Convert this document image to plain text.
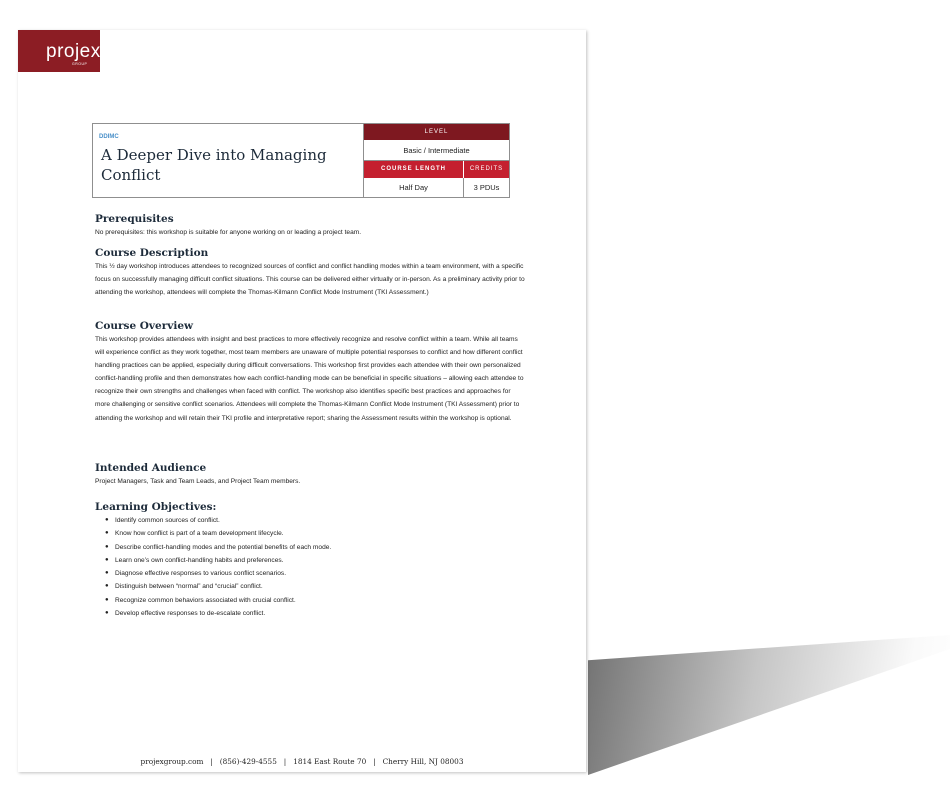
projex
GROUP
DDIMC
A Deeper Dive into Managing Conflict
LEVEL
Basic / Intermediate
COURSE LENGTH	CREDITS
Half Day	3 PDUs
Prerequisites

No prerequisites: this workshop is suitable for anyone working on or leading a project team.

Course Description

This ½ day workshop introduces attendees to recognized sources of conflict and conflict handling modes within a team environment, with a specific focus on successfully managing difficult conflict situations. This course can be delivered either virtually or in-person. As a preliminary activity prior to attending the workshop, attendees will complete the Thomas-Kilmann Conflict Mode Instrument (TKI Assessment.)

Course Overview

This workshop provides attendees with insight and best practices to more effectively recognize and resolve conflict within a team. While all teams will experience conflict as they work together, most team members are unaware of multiple potential responses to conflict and how different conflict handling practices can be applied, especially during difficult conversations. This workshop first provides each attendee with their own personalized conflict-handling profile and then demonstrates how each conflict-handling mode can be beneficial in specific situations – allowing each attendee to recognize their own strengths and challenges when faced with conflict. The workshop also identifies specific best practices and approaches for more challenging or sensitive conflict scenarios. Attendees will complete the Thomas-Kilmann Conflict Mode Instrument (TKI Assessment) prior to attending the workshop and will retain their TKI profile and interpretative report; sharing the Assessment results within the workshop is optional.

Intended Audience

Project Managers, Task and Team Leads, and Project Team members.

Learning Objectives:
● Identify common sources of conflict.
● Know how conflict is part of a team development lifecycle.
● Describe conflict-handling modes and the potential benefits of each mode.
● Learn one’s own conflict-handling habits and preferences.
● Diagnose effective responses to various conflict scenarios.
● Distinguish between “normal” and “crucial” conflict.
● Recognize common behaviors associated with crucial conflict.
● Develop effective responses to de-escalate conflict.
projexgroup.com   |   (856)-429-4555   |   1814 East Route 70   |   Cherry Hill, NJ 08003
